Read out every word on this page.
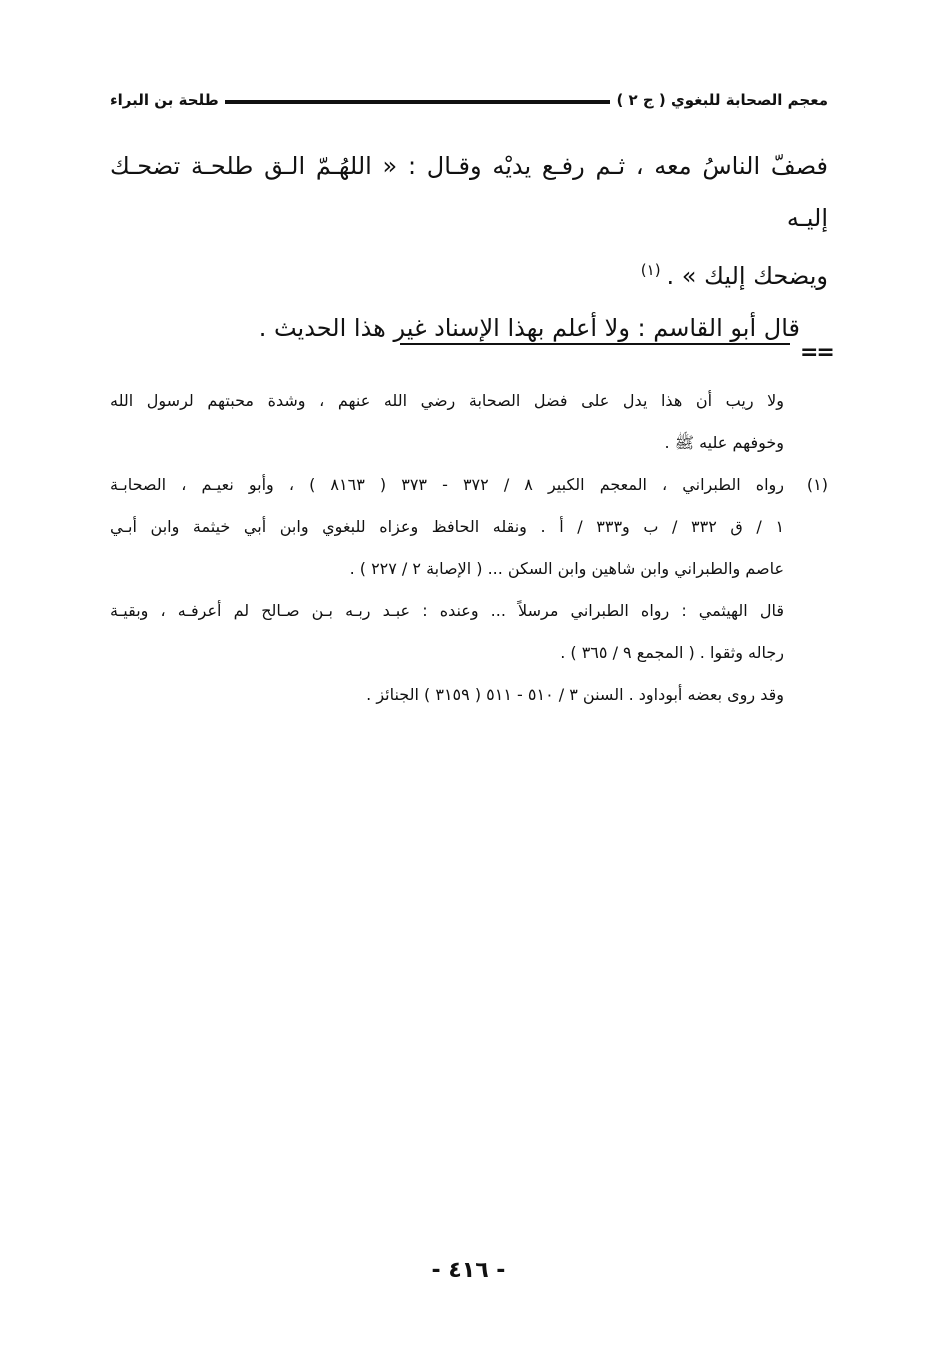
معجم الصحابة للبغوي ( ج ٢ )
طلحة بن البراء

فصفّ الناسُ معه ، ثـم رفـع يديْه وقـال : « اللهُـمّ الـق طلحـة تضحـك إليـه

ويضحك إليك » .$^{(١)}$

قال أبو القاسم : ولا أعلم بهذا الإسناد غير هذا الحديث .

==

ولا ريب أن هذا يدل على فضل الصحابة رضي الله عنهم ، وشدة محبتهم لرسول الله

وخوفهم عليه ﷺ .

(١)
رواه الطبراني ، المعجم الكبير ٨ / ٣٧٢ - ٣٧٣ ( ٨١٦٣ ) ، وأبو نعيـم ، الصحابـة

١ / ق ٣٣٢ / ب و٣٣٣ / أ . ونقله الحافظ وعزاه للبغوي وابن أبي خيثمة وابن أبـي

عاصم والطبراني وابن شاهين وابن السكن ... ( الإصابة ٢ / ٢٢٧ ) .

قال الهيثمي : رواه الطبراني مرسلاً ... وعنده : عبـد ربـه بـن صـالح لم أعرفـه ، وبقيـة

رجاله وثقوا . ( المجمع ٩ / ٣٦٥ ) .

وقد روى بعضه أبوداود . السنن ٣ / ٥١٠ - ٥١١ ( ٣١٥٩ ) الجنائز .

- ٤١٦ -
